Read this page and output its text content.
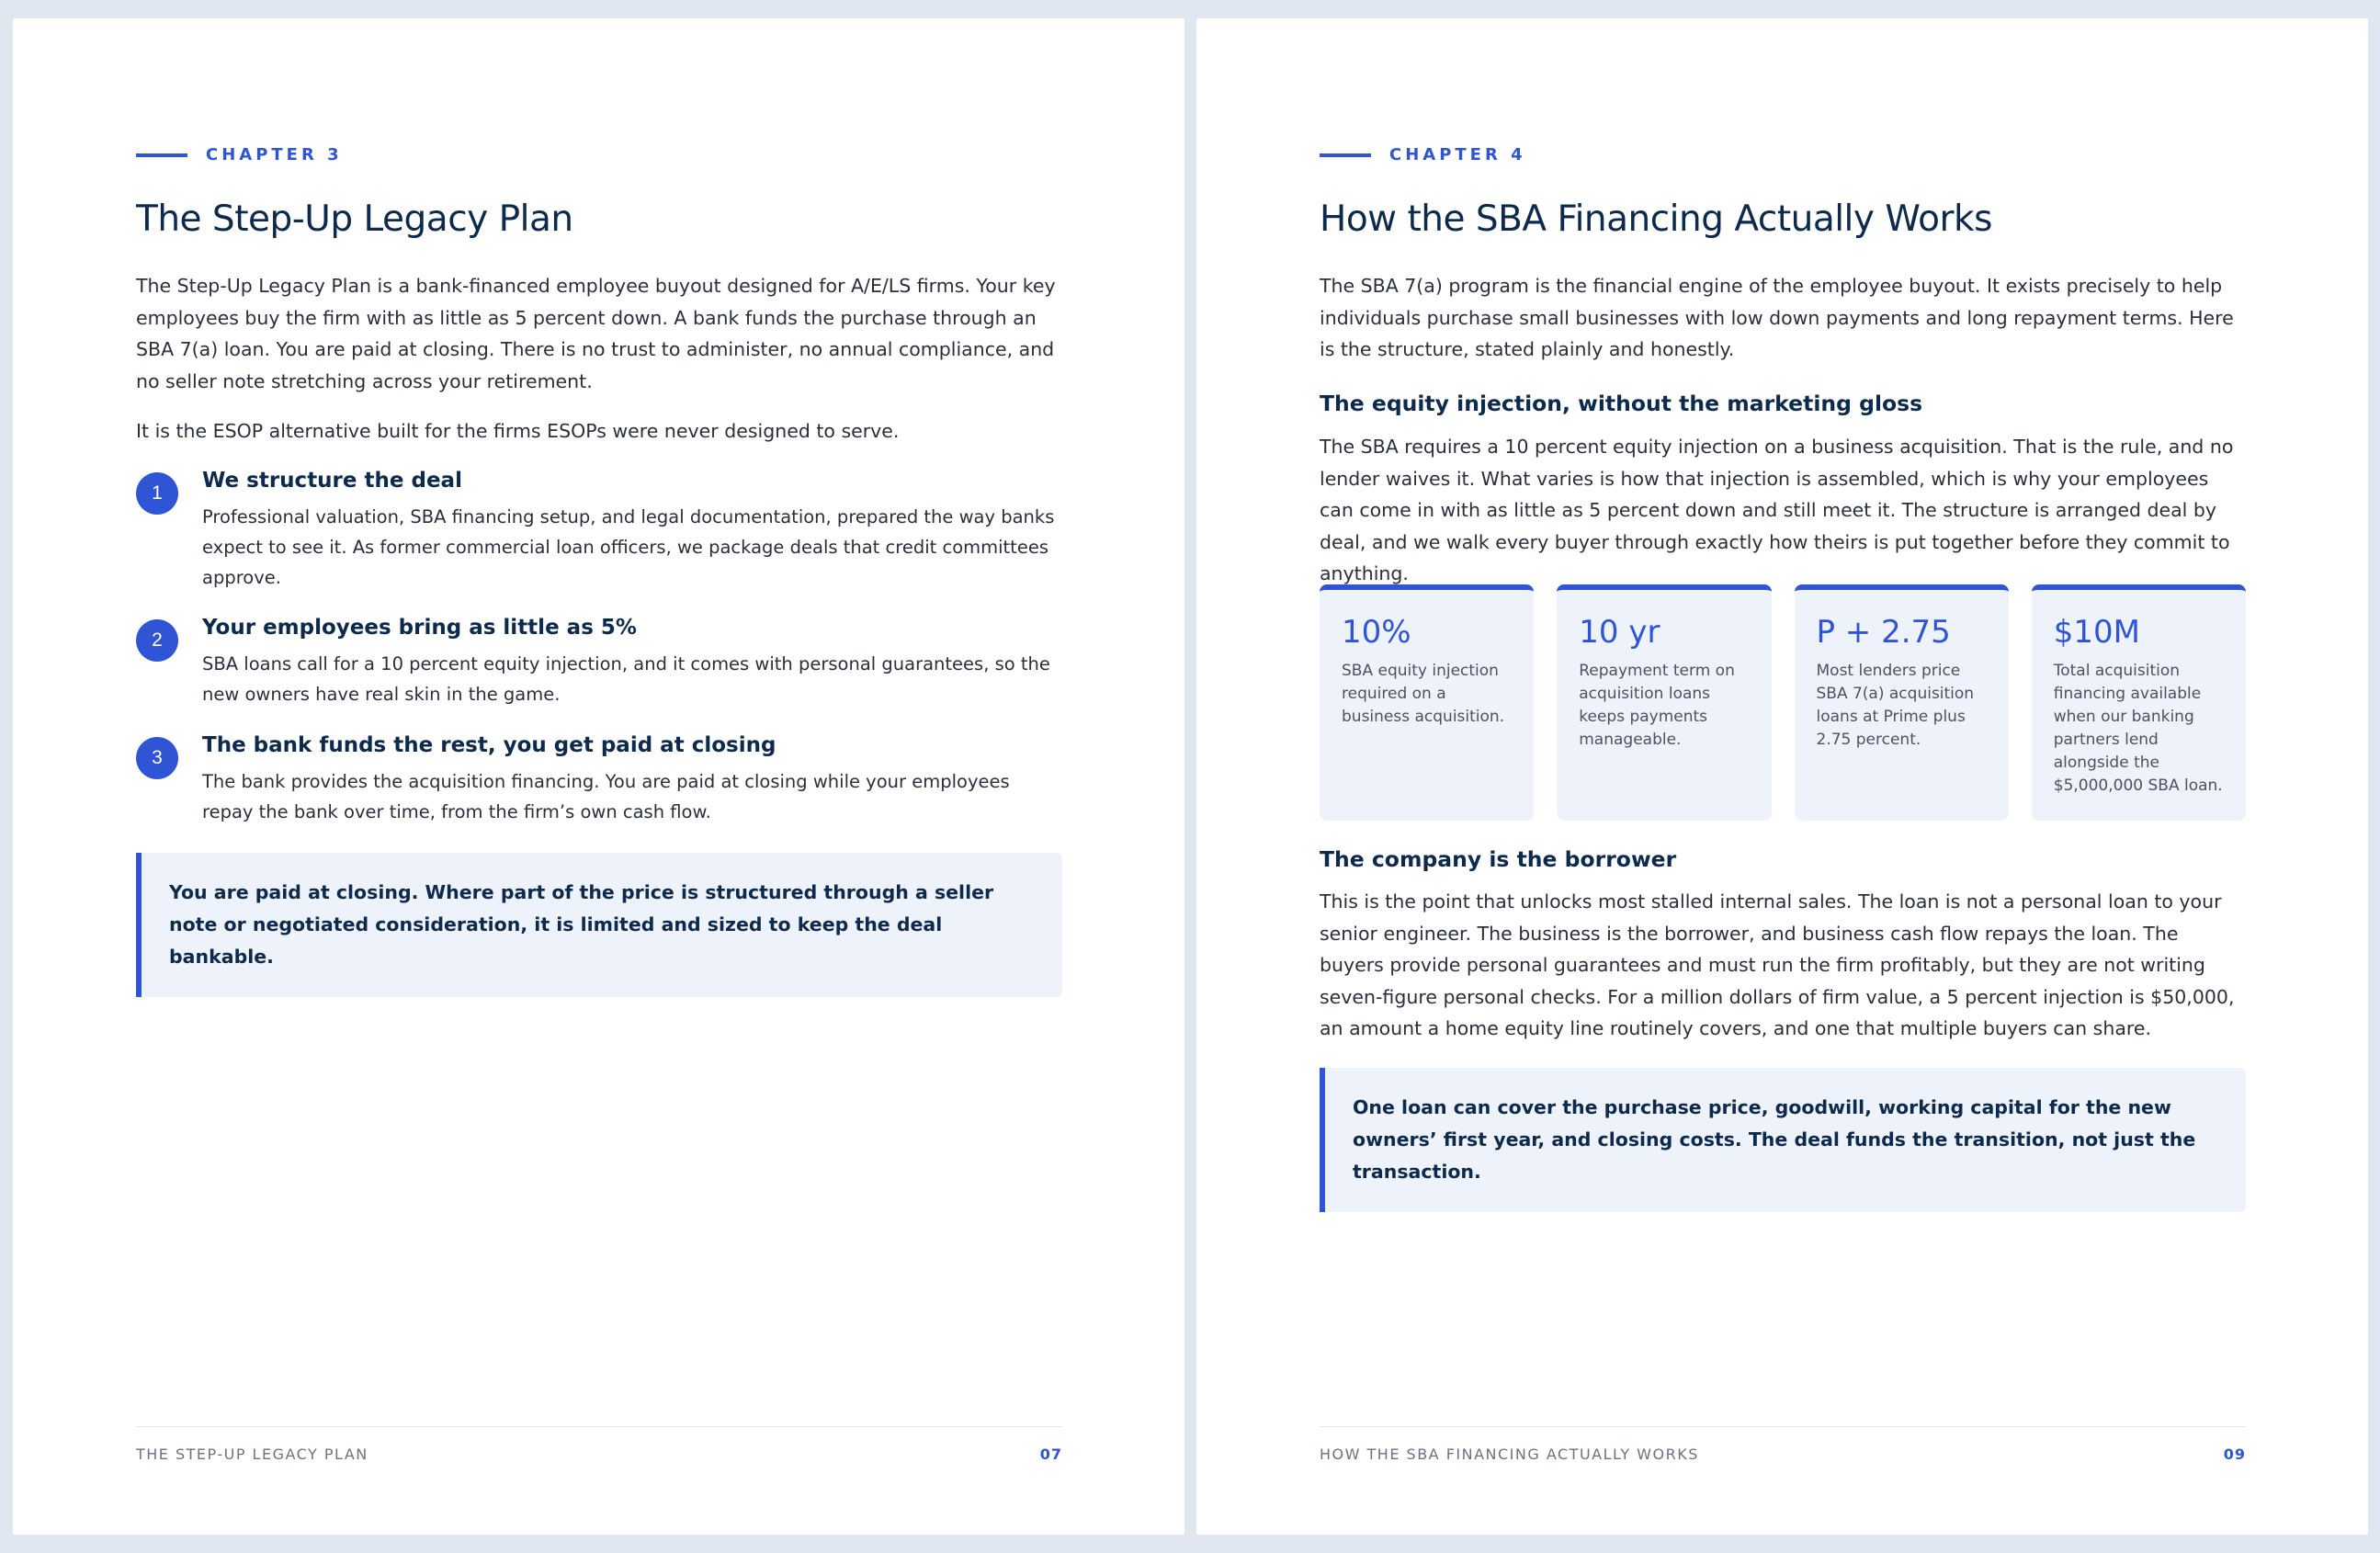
CHAPTER 3
The Step-Up Legacy Plan

The Step-Up Legacy Plan is a bank-financed employee buyout designed for A/E/LS firms. Your key employees buy the firm with as little as 5 percent down. A bank funds the purchase through an SBA 7(a) loan. You are paid at closing. There is no trust to administer, no annual compliance, and no seller note stretching across your retirement.

It is the ESOP alternative built for the firms ESOPs were never designed to serve.

1
We structure the deal
Professional valuation, SBA financing setup, and legal documentation, prepared the way banks expect to see it. As former commercial loan officers, we package deals that credit committees approve.
2
Your employees bring as little as 5%
SBA loans call for a 10 percent equity injection, and it comes with personal guarantees, so the new owners have real skin in the game.
3
The bank funds the rest, you get paid at closing
The bank provides the acquisition financing. You are paid at closing while your employees repay the bank over time, from the firm’s own cash flow.
You are paid at closing. Where part of the price is structured through a seller note or negotiated consideration, it is limited and sized to keep the deal bankable.
THE STEP-UP LEGACY PLAN	07
CHAPTER 4
How the SBA Financing Actually Works

The SBA 7(a) program is the financial engine of the employee buyout. It exists precisely to help individuals purchase small businesses with low down payments and long repayment terms. Here is the structure, stated plainly and honestly.

The equity injection, without the marketing gloss

The SBA requires a 10 percent equity injection on a business acquisition. That is the rule, and no lender waives it. What varies is how that injection is assembled, which is why your employees can come in with as little as 5 percent down and still meet it. The structure is arranged deal by deal, and we walk every buyer through exactly how theirs is put together before they commit to anything.

10%
SBA equity injection required on a business acquisition.
10 yr
Repayment term on acquisition loans keeps payments manageable.
P + 2.75
Most lenders price SBA 7(a) acquisition loans at Prime plus 2.75 percent.
$10M
Total acquisition financing available when our banking partners lend alongside the $5,000,000 SBA loan.
The company is the borrower

This is the point that unlocks most stalled internal sales. The loan is not a personal loan to your senior engineer. The business is the borrower, and business cash flow repays the loan. The buyers provide personal guarantees and must run the firm profitably, but they are not writing seven-figure personal checks. For a million dollars of firm value, a 5 percent injection is $50,000, an amount a home equity line routinely covers, and one that multiple buyers can share.

One loan can cover the purchase price, goodwill, working capital for the new owners’ first year, and closing costs. The deal funds the transition, not just the transaction.
HOW THE SBA FINANCING ACTUALLY WORKS	09
